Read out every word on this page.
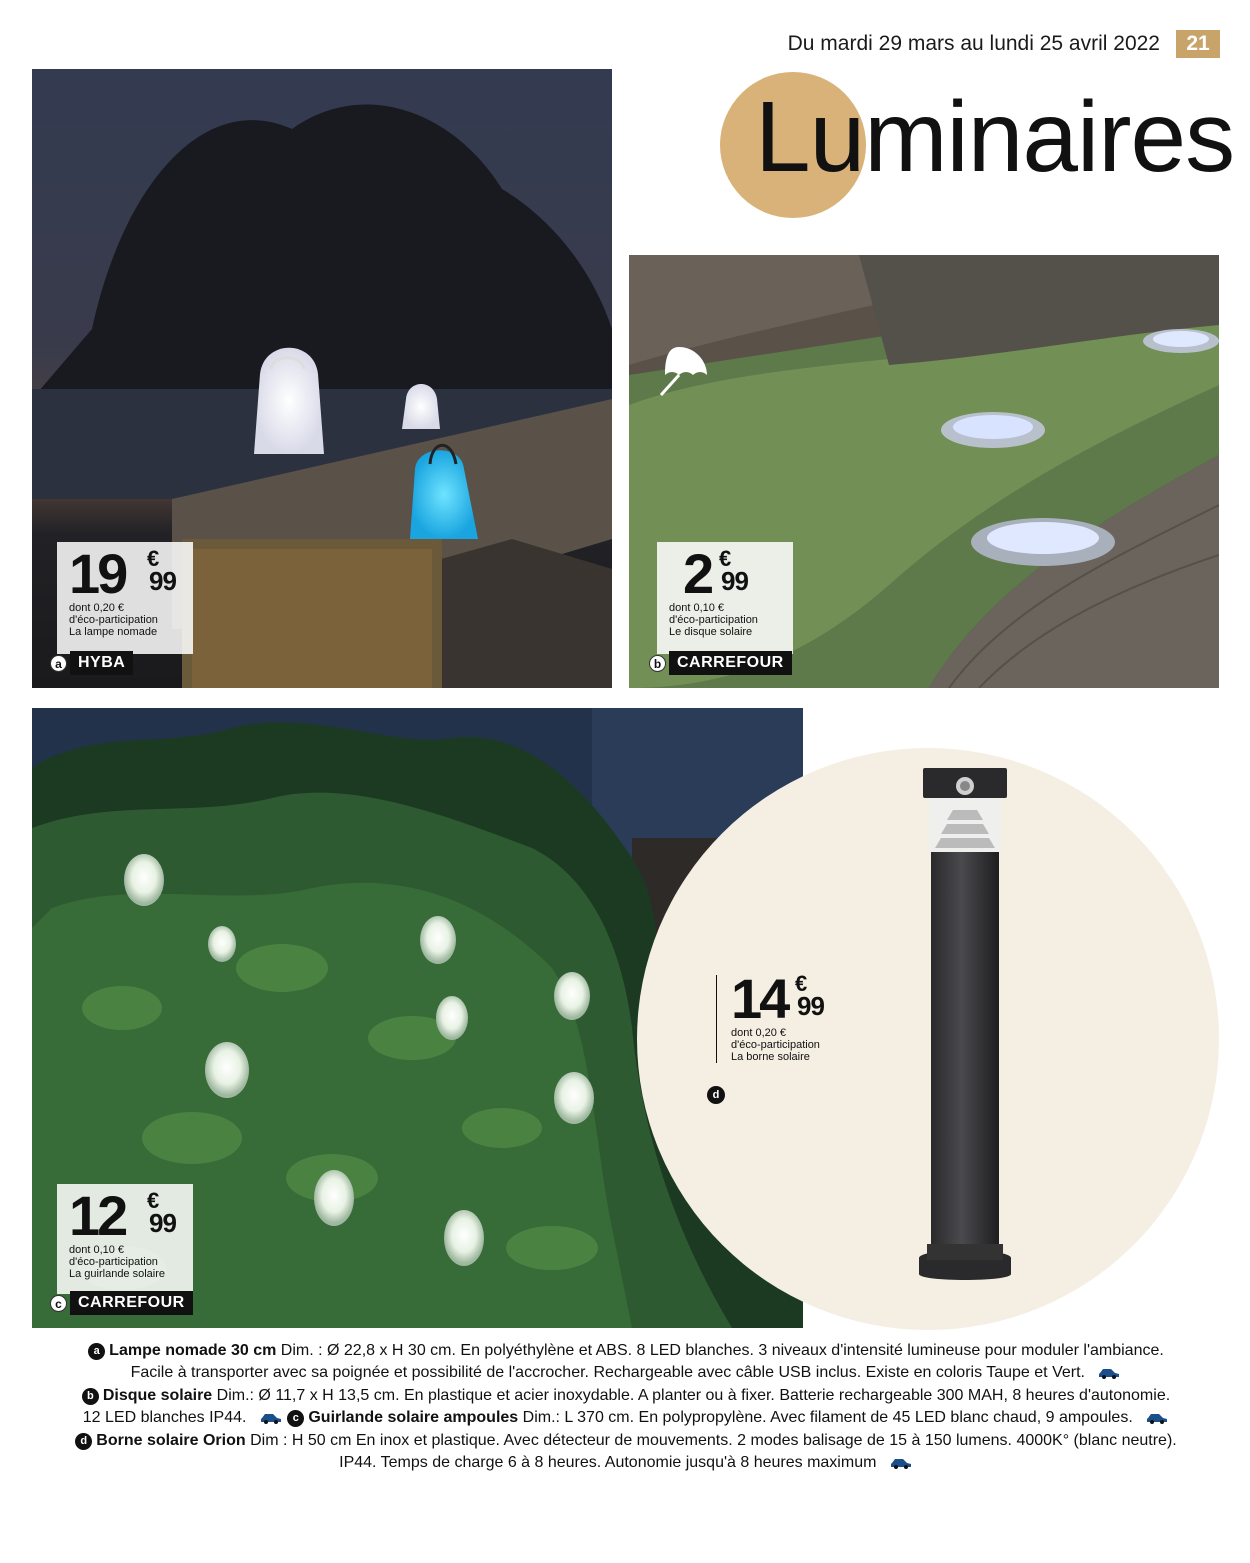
Du mardi 29 mars au lundi 25 avril 2022	21
Luminaires
19 €
99
dont 0,20 €
d'éco-participation
La lampe nomade
a	HYBA
2 €
99
dont 0,10 €
d'éco-participation
Le disque solaire
b CARREFOUR
12 €
99
dont 0,10 €
d'éco-participation
La guirlande solaire
c	CARREFOUR
14 €
99
dont 0,20 €
d'éco-participation
La borne solaire
d
a Lampe nomade 30 cm Dim. : Ø 22,8 x H 30 cm. En polyéthylène et ABS. 8 LED blanches. 3 niveaux d'intensité lumineuse pour moduler l'ambiance.
Facile à transporter avec sa poignée et possibilité de l'accrocher. Rechargeable avec câble USB inclus. Existe en coloris Taupe et Vert.
b Disque solaire Dim.: Ø 11,7 x H 13,5 cm. En plastique et acier inoxydable. A planter ou à fixer. Batterie rechargeable 300 MAH, 8 heures d'autonomie.
12 LED blanches IP44.	c Guirlande solaire ampoules Dim.: L 370 cm. En polypropylène. Avec filament de 45 LED blanc chaud, 9 ampoules.
d Borne solaire Orion Dim : H 50 cm En inox et plastique. Avec détecteur de mouvements. 2 modes balisage de 15 à 150 lumens. 4000K° (blanc neutre).
IP44. Temps de charge 6 à 8 heures. Autonomie jusqu'à 8 heures maximum
